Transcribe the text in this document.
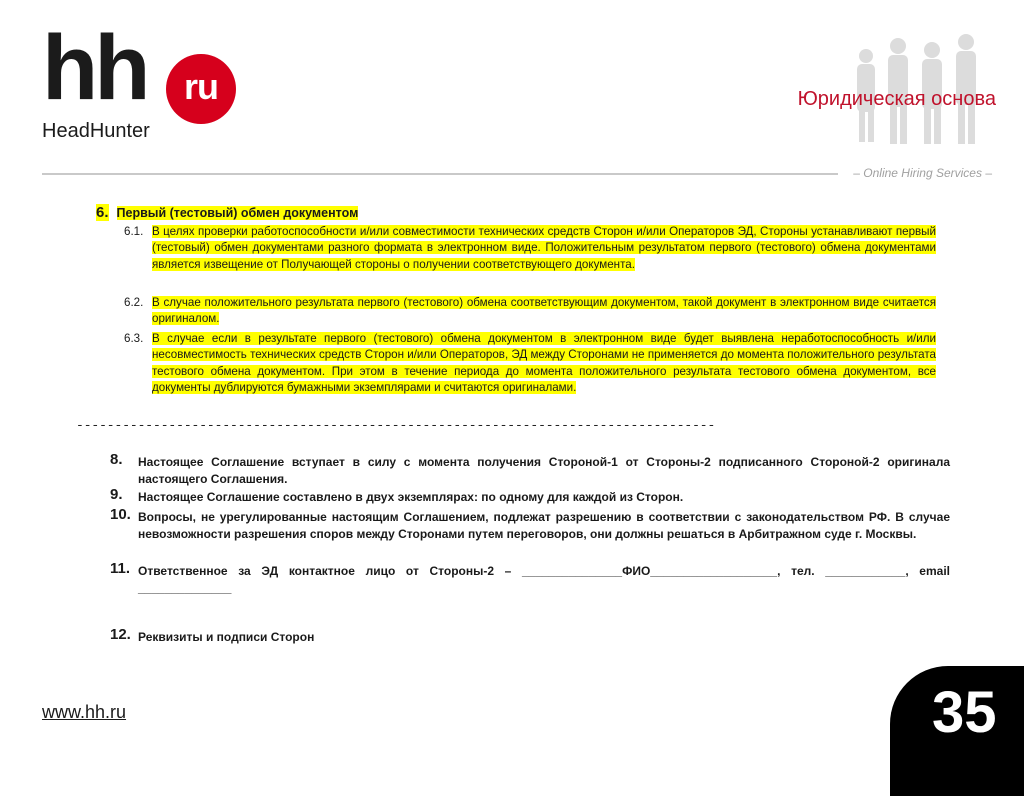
hh	ru
HeadHunter
Юридическая основа
– Online Hiring Services –
6. Первый (тестовый) обмен документом
6.1. В целях проверки работоспособности и/или совместимости технических средств Сторон и/или Операторов ЭД, Стороны устанавливают первый (тестовый) обмен документами разного формата в электронном виде. Положительным результатом первого (тестового) обмена документами является извещение от Получающей стороны о получении соответствующего документа.
6.2. В случае положительного результата первого (тестового) обмена соответствующим документом, такой документ в электронном виде считается оригиналом.
6.3. В случае если в результате первого (тестового) обмена документом в электронном виде будет выявлена неработоспособность и/или несовместимость технических средств Сторон и/или Операторов, ЭД между Сторонами не применяется до момента положительного результата тестового обмена документом. При этом в течение периода до момента положительного результата тестового обмена документом, все документы дублируются бумажными экземплярами и считаются оригиналами.
-----------------------------------------------------------------------------------
8. Настоящее Соглашение вступает в силу с момента получения Стороной-1 от Стороны-2 подписанного Стороной-2 оригинала настоящего Соглашения.
9. Настоящее Соглашение составлено в двух экземплярах: по одному для каждой из Сторон.
10. Вопросы, не урегулированные настоящим Соглашением, подлежат разрешению в соответствии с законодательством РФ. В случае невозможности разрешения споров между Сторонами путем переговоров, они должны решаться в Арбитражном суде г. Москвы.
11. Ответственное за ЭД контактное лицо от Стороны-2 – _______________ФИО___________________, тел. ____________, email ______________
12. Реквизиты и подписи Сторон
www.hh.ru	35
